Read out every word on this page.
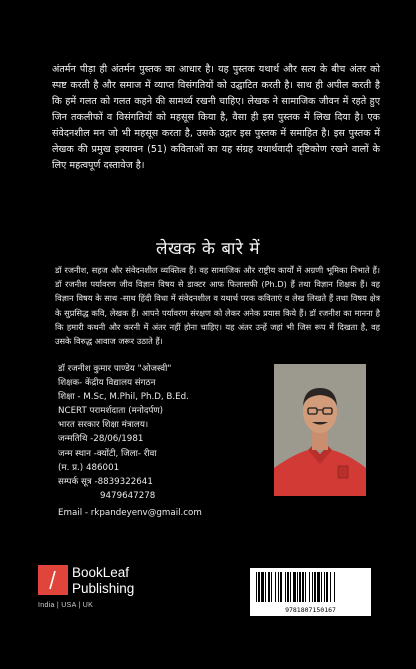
अंतर्मन पीड़ा ही अंतर्मन पुस्तक का आधार है। यह पुस्तक यथार्थ और सत्य के बीच अंतर को स्पष्ट करती है और समाज में व्याप्त विसंगतियों को उद्घाटित करती है। साथ ही अपील करती है कि हमें गलत को गलत कहने की सामर्थ्य रखनी चाहिए। लेखक ने सामाजिक जीवन में रहते हुए जिन तकलीफों व विसंगतियों को महसूस किया है, वैसा ही इस पुस्तक में लिख दिया है। एक संवेदनशील मन जो भी महसूस करता है, उसके उद्गार इस पुस्तक में समाहित है। इस पुस्तक में लेखक की प्रमुख इक्यावन (51) कविताओं का यह संग्रह यथार्थवादी दृष्टिकोण रखने वालों के लिए महत्वपूर्ण दस्तावेज है।
लेखक के बारे में
डॉ रजनीश, सहज और संवेदनशील व्यक्तित्व हैं। वह सामाजिक और राष्ट्रीय कार्यों में अग्रणी भूमिका निभाते हैं। डॉ रजनीश पर्यावरण जीव विज्ञान विषय से डाक्टर आफ फिलासफी (Ph.D) हैं तथा विज्ञान शिक्षक हैं। वह विज्ञान विषय के साथ -साथ हिंदी विधा में संवेदनशील व यथार्थ परक कविताएं व लेख लिखते हैं तथा विषय क्षेत्र के सुप्रसिद्ध कवि, लेखक हैं। आपने पर्यावरण संरक्षण को लेकर अनेक प्रयास किये हैं। डॉ रजनीश का मानना है कि हमारी कथनी और करनी में अंतर नहीं होना चाहिए। यह अंतर उन्हें जहां भी जिस रूप में दिखता है, वह उसके विरुद्ध आवाज जरूर उठाते हैं।
डॉ रजनीश कुमार पाण्डेय "ओजस्वी"
शिक्षक- केंद्रीय विद्यालय संगठन
शिक्षा - M.Sc, M.Phil, Ph.D, B.Ed.
NCERT परामर्शदाता (मनोदर्पण)
भारत सरकार शिक्षा मंत्रालय।
जन्मतिथि -28/06/1981
जन्म स्थान -क्योंटी, जिला- रीवा
(म. प्र.) 486001
सम्पर्क सूत्र -8839322641
9479647278
Email - rkpandeyenv@gmail.com
BookLeaf
Publishing
India | USA | UK
9781807150167
